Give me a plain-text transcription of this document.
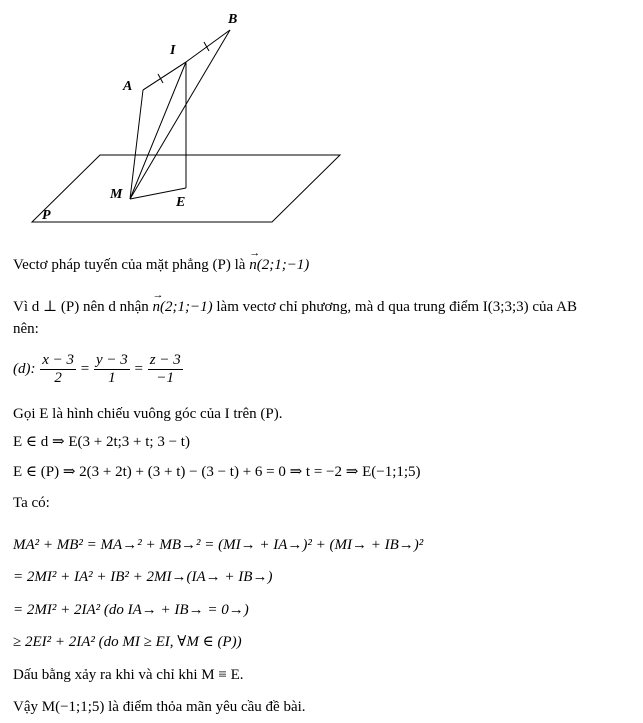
B
I
A
M
E
P
Vectơ pháp tuyến của mặt phẳng (P) là → n(2;1;−1)
Vì d ⊥ (P) nên d nhận → n(2;1;−1) làm vectơ chỉ phương, mà d qua trung điểm I(3;3;3) của AB
nên:
(d): $\frac{x - 3}{2} = \frac{y - 3}{1} = \frac{z - 3}{-1}$
Gọi E là hình chiếu vuông góc của I trên (P).
E ∈ d ⇒ E(3 + 2t;3 + t; 3 − t)
E ∈ (P) ⇒ 2(3 + 2t) + (3 + t) − (3 − t) + 6 = 0 ⇒ t = −2 ⇒ E(−1;1;5)
Ta có:
MA² + MB² = MA→² + MB→² = (MI→ + IA→)² + (MI→ + IB→)²
= 2MI² + IA² + IB² + 2MI→(IA→ + IB→)
= 2MI² + 2IA² (do IA→ + IB→ = 0→)
≥ 2EI² + 2IA² (do MI ≥ EI, ∀M ∈ (P))
Dấu bằng xảy ra khi và chỉ khi M ≡ E.
Vậy M(−1;1;5) là điểm thỏa mãn yêu cầu đề bài.
